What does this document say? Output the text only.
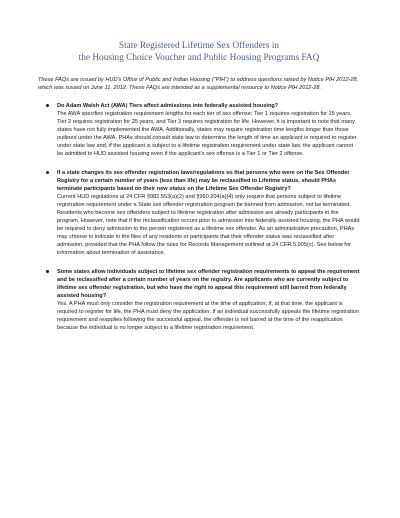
State Registered Lifetime Sex Offenders in
the Housing Choice Voucher and Public Housing Programs FAQ

These FAQs are issued by HUD's Office of Public and Indian Housing ("PIH") to address questions raised by Notice PIH 2012-28, which was issued on June 11, 2012. These FAQs are intended as a supplemental resource to Notice PIH 2012-28.

Do Adam Walsh Act (AWA) Tiers affect admissions into federally assisted housing?

The AWA specifies registration requirement lengths for each tier of sex offense; Tier 1 requires registration for 15 years, Tier 2 requires registration for 25 years, and Tier 3 requires registration for life. However, it is important to note that many states have not fully implemented the AWA. Additionally, states may require registration time lengths longer than those outlined under the AWA. PHAs should consult state law to determine the length of time an applicant is required to register under state law and, if the applicant is subject to a lifetime registration requirement under state law, the applicant cannot be admitted to HUD assisted housing even if the applicant's sex offense is a Tier 1 or Tier 2 offense.

If a state changes its sex offender registration laws/regulations so that persons who were on the Sex Offender Registry for a certain number of years (less than life) may be reclassified to Lifetime status, should PHAs terminate participants based on their new status on the Lifetime Sex Offender Registry?

Current HUD regulations at 24 CFR §982.553(a)(2) and §960.204(a)(4) only require that persons subject to lifetime registration requirement under a State sex offender registration program be banned from admission, not be terminated. Residents who become sex offenders subject to lifetime registration after admission are already participants in the program. However, note that if the reclassification occurs prior to admission into federally assisted housing, the PHA would be required to deny admission to the person registered as a lifetime sex offender. As an administrative precaution, PHAs may choose to indicate in the files of any residents or participants that their offender status was reclassified after admission, provided that the PHA follow the rules for Records Management outlined at 24 CFR 5.905(c). See below for information about termination of assistance.

Some states allow individuals subject to lifetime sex offender registration requirements to appeal the requirement and be reclassified after a certain number of years on the registry. Are applicants who are currently subject to lifetime sex offender registration, but who have the right to appeal this requirement still barred from federally assisted housing?

Yes. A PHA must only consider the registration requirement at the time of application; if, at that time, the applicant is required to register for life, the PHA must deny the application. If an individual successfully appeals the lifetime registration requirement and reapplies following the successful appeal, the offender is not barred at the time of the reapplication because the individual is no longer subject to a lifetime registration requirement.
